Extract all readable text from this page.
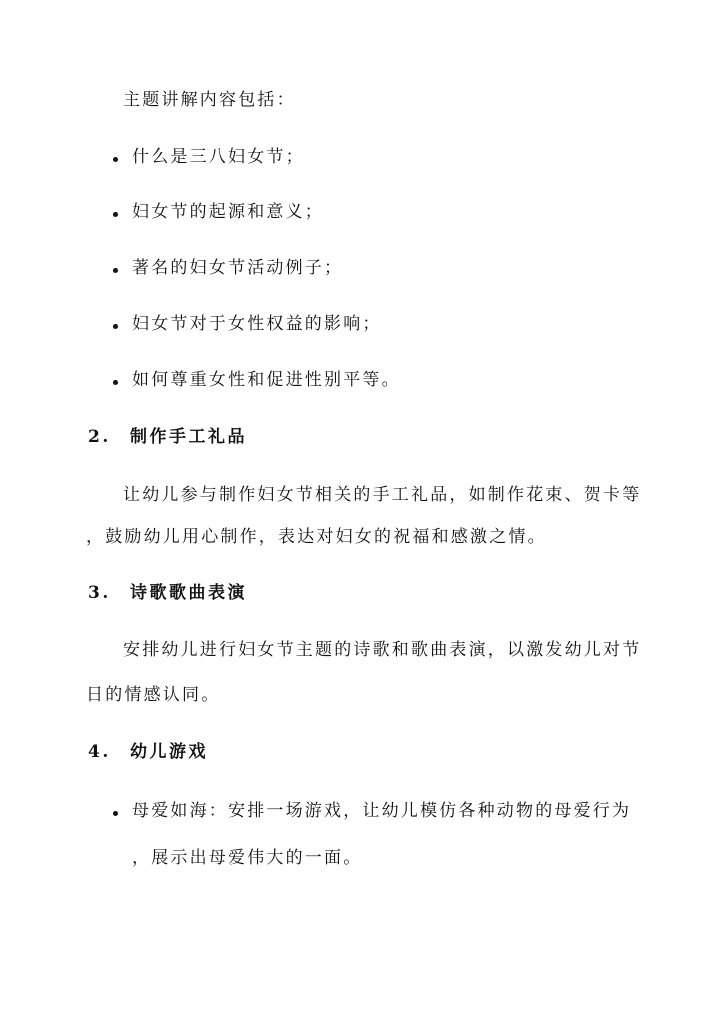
主题讲解内容包括：
什么是三八妇女节；
妇女节的起源和意义；
著名的妇女节活动例子；
妇女节对于女性权益的影响；
如何尊重女性和促进性别平等。
2. 制作手工礼品
让幼儿参与制作妇女节相关的手工礼品，如制作花束、贺卡等
，鼓励幼儿用心制作，表达对妇女的祝福和感激之情。
3. 诗歌歌曲表演
安排幼儿进行妇女节主题的诗歌和歌曲表演，以激发幼儿对节
日的情感认同。
4. 幼儿游戏
母爱如海：安排一场游戏，让幼儿模仿各种动物的母爱行为
，展示出母爱伟大的一面。
